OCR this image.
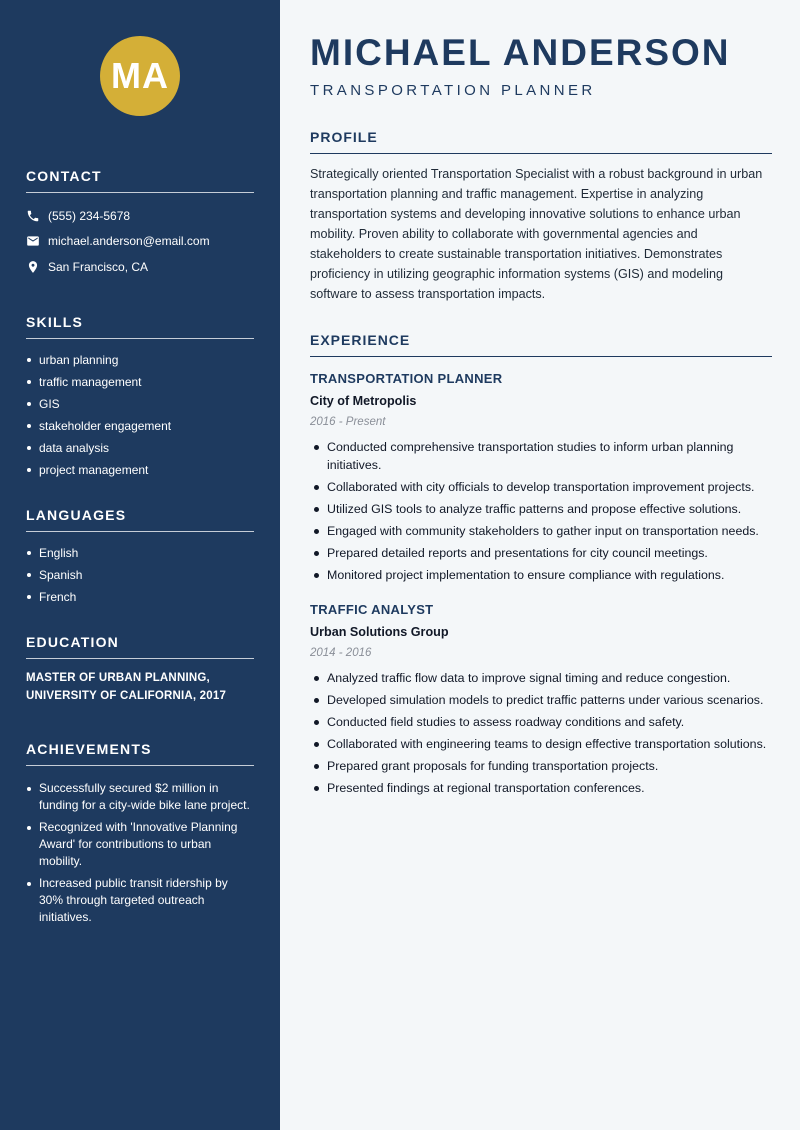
MA
CONTACT
(555) 234-5678
michael.anderson@email.com
San Francisco, CA
SKILLS
urban planning
traffic management
GIS
stakeholder engagement
data analysis
project management
LANGUAGES
English
Spanish
French
EDUCATION
MASTER OF URBAN PLANNING,
UNIVERSITY OF CALIFORNIA, 2017
ACHIEVEMENTS
Successfully secured $2 million in funding for a city-wide bike lane project.
Recognized with 'Innovative Planning Award' for contributions to urban mobility.
Increased public transit ridership by 30% through targeted outreach initiatives.
MICHAEL ANDERSON
TRANSPORTATION PLANNER
PROFILE

Strategically oriented Transportation Specialist with a robust background in urban transportation planning and traffic management. Expertise in analyzing transportation systems and developing innovative solutions to enhance urban mobility. Proven ability to collaborate with governmental agencies and stakeholders to create sustainable transportation initiatives. Demonstrates proficiency in utilizing geographic information systems (GIS) and modeling software to assess transportation impacts.

EXPERIENCE
TRANSPORTATION PLANNER
City of Metropolis
2016 - Present
Conducted comprehensive transportation studies to inform urban planning initiatives.
Collaborated with city officials to develop transportation improvement projects.
Utilized GIS tools to analyze traffic patterns and propose effective solutions.
Engaged with community stakeholders to gather input on transportation needs.
Prepared detailed reports and presentations for city council meetings.
Monitored project implementation to ensure compliance with regulations.
TRAFFIC ANALYST
Urban Solutions Group
2014 - 2016
Analyzed traffic flow data to improve signal timing and reduce congestion.
Developed simulation models to predict traffic patterns under various scenarios.
Conducted field studies to assess roadway conditions and safety.
Collaborated with engineering teams to design effective transportation solutions.
Prepared grant proposals for funding transportation projects.
Presented findings at regional transportation conferences.
